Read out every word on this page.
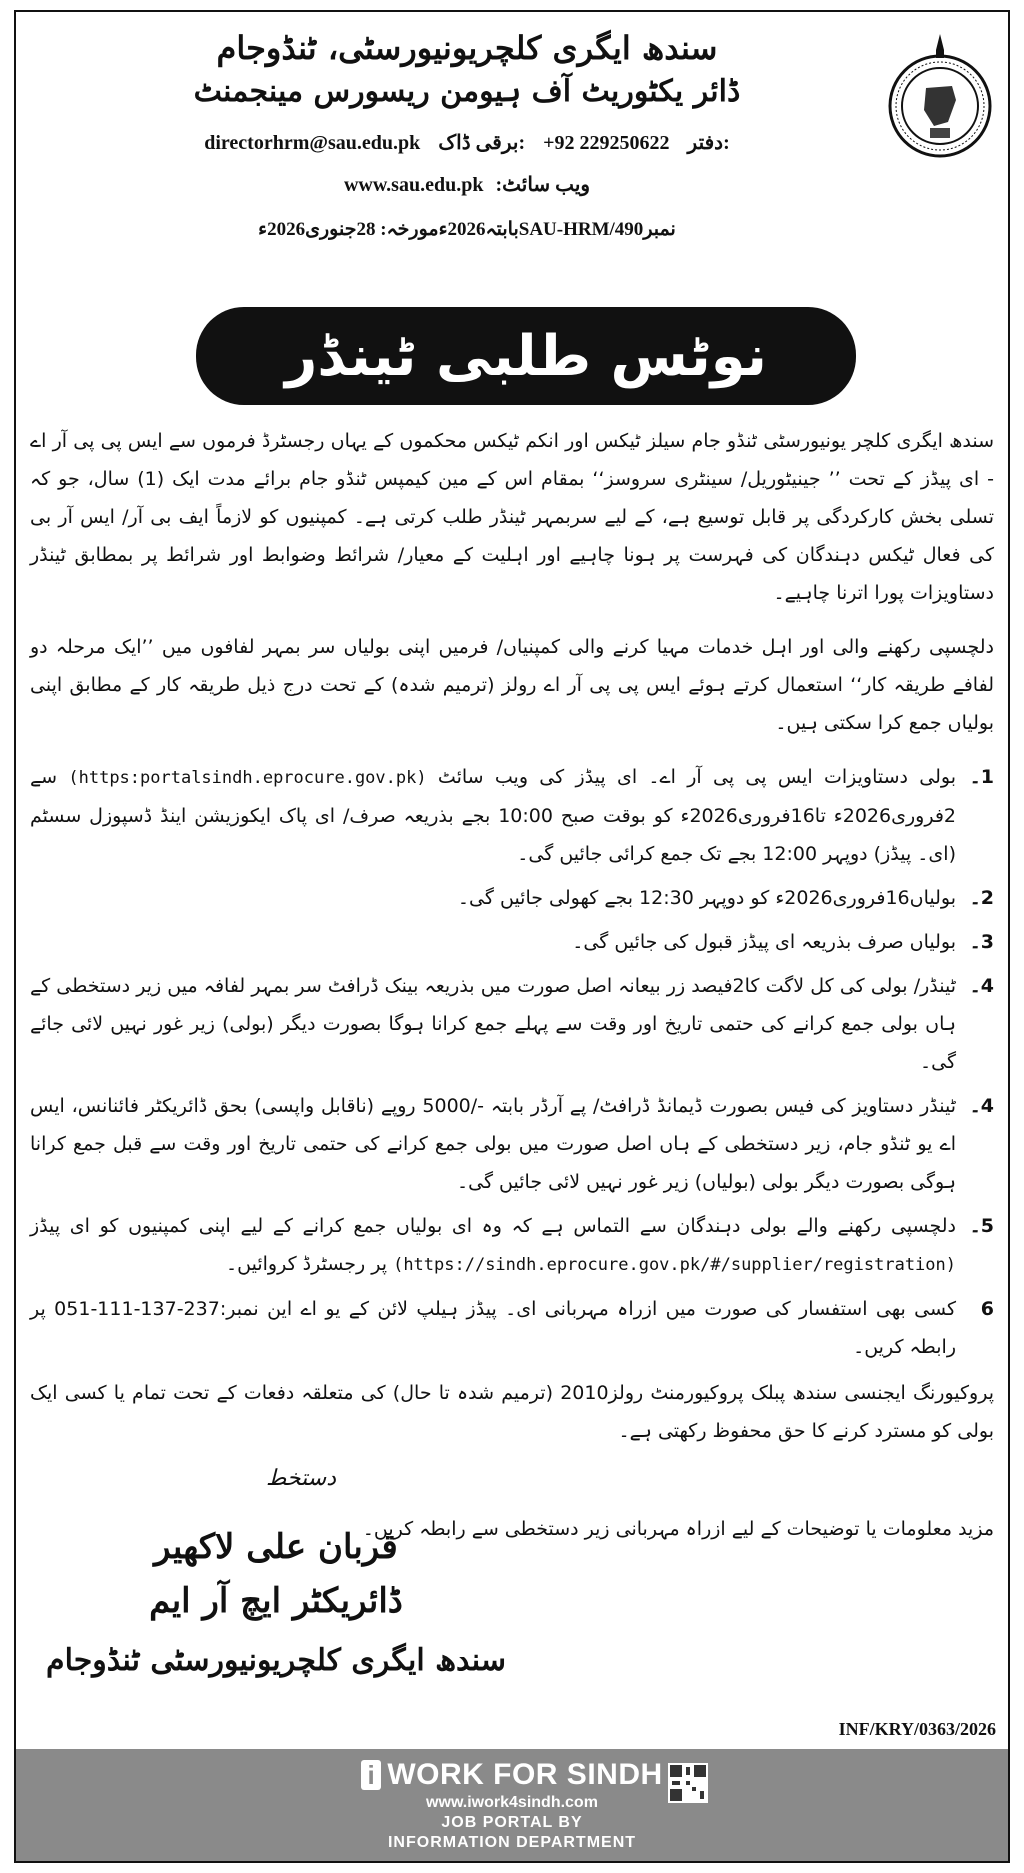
سندھ ایگری کلچریونیورسٹی، ٹنڈوجام
ڈائر یکٹوریٹ آف ہیومن ریسورس مینجمنٹ
دفتر:
+92 229250622
برقی ڈاک:
directorhrm@sau.edu.pk
ویب سائٹ:
www.sau.edu.pk
نمبرSAU-HRM/490بابتہ2026ءمورخہ: 28جنوری2026ء
نوٹس طلبی ٹینڈر

سندھ ایگری کلچر یونیورسٹی ٹنڈو جام سیلز ٹیکس اور انکم ٹیکس محکموں کے یہاں رجسٹرڈ فرموں سے ایس پی پی آر اے - ای پیڈز کے تحت ’’ جینیٹوریل/ سینٹری سروسز‘‘ بمقام اس کے مین کیمپس ٹنڈو جام برائے مدت ایک (1) سال، جو کہ تسلی بخش کارکردگی پر قابل توسیع ہے، کے لیے سربمہر ٹینڈر طلب کرتی ہے۔ کمپنیوں کو لازماً ایف بی آر/ ایس آر بی کی فعال ٹیکس دہندگان کی فہرست پر ہونا چاہیے اور اہلیت کے معیار/ شرائط وضوابط اور شرائط پر بمطابق ٹینڈر دستاویزات پورا اترنا چاہیے۔

دلچسپی رکھنے والی اور اہل خدمات مہیا کرنے والی کمپنیاں/ فرمیں اپنی بولیاں سر بمہر لفافوں میں ’’ایک مرحلہ دو لفافے طریقہ کار‘‘ استعمال کرتے ہوئے ایس پی پی آر اے رولز (ترمیم شدہ) کے تحت درج ذیل طریقہ کار کے مطابق اپنی بولیاں جمع کرا سکتی ہیں۔

1۔
بولی دستاویزات ایس پی پی آر اے۔ ای پیڈز کی ویب سائٹ (https:portalsindh.eprocure.gov.pk) سے 2فروری2026ء تا16فروری2026ء کو بوقت صبح 10:00 بجے بذریعہ صرف/ ای پاک ایکوزیشن اینڈ ڈسپوزل سسٹم (ای۔ پیڈز) دوپہر 12:00 بجے تک جمع کرائی جائیں گی۔
2۔
بولیاں16فروری2026ء کو دوپہر 12:30 بجے کھولی جائیں گی۔
3۔
بولیاں صرف بذریعہ ای پیڈز قبول کی جائیں گی۔
4۔
ٹینڈر/ بولی کی کل لاگت کا2فیصد زر بیعانہ اصل صورت میں بذریعہ بینک ڈرافٹ سر بمہر لفافہ میں زیر دستخطی کے ہاں بولی جمع کرانے کی حتمی تاریخ اور وقت سے پہلے جمع کرانا ہوگا بصورت دیگر (بولی) زیر غور نہیں لائی جائے گی۔
4۔
ٹینڈر دستاویز کی فیس بصورت ڈیمانڈ ڈرافٹ/ پے آرڈر بابتہ -/5000 روپے (ناقابل واپسی) بحق ڈائریکٹر فائنانس، ایس اے یو ٹنڈو جام، زیر دستخطی کے ہاں اصل صورت میں بولی جمع کرانے کی حتمی تاریخ اور وقت سے قبل جمع کرانا ہوگی بصورت دیگر بولی (بولیاں) زیر غور نہیں لائی جائیں گی۔
5۔
دلچسپی رکھنے والے بولی دہندگان سے التماس ہے کہ وہ ای بولیاں جمع کرانے کے لیے اپنی کمپنیوں کو ای پیڈز (https://sindh.eprocure.gov.pk/#/supplier/registration) پر رجسٹرڈ کروائیں۔
6
کسی بھی استفسار کی صورت میں ازراہ مہربانی ای۔ پیڈز ہیلپ لائن کے یو اے این نمبر:237-137-111-051 پر رابطہ کریں۔

پروکیورنگ ایجنسی سندھ پبلک پروکیورمنٹ رولز2010 (ترمیم شدہ تا حال) کی متعلقہ دفعات کے تحت تمام یا کسی ایک بولی کو مسترد کرنے کا حق محفوظ رکھتی ہے۔

مزید معلومات یا توضیحات کے لیے ازراہ مہربانی زیر دستخطی سے رابطہ کریں۔
دستخط
قربان علی لاکھیر
ڈائریکٹر ایچ آر ایم
سندھ ایگری کلچریونیورسٹی ٹنڈوجام
INF/KRY/0363/2026
i WORK FOR SINDH
www.iwork4sindh.com
JOB PORTAL BY
INFORMATION DEPARTMENT
